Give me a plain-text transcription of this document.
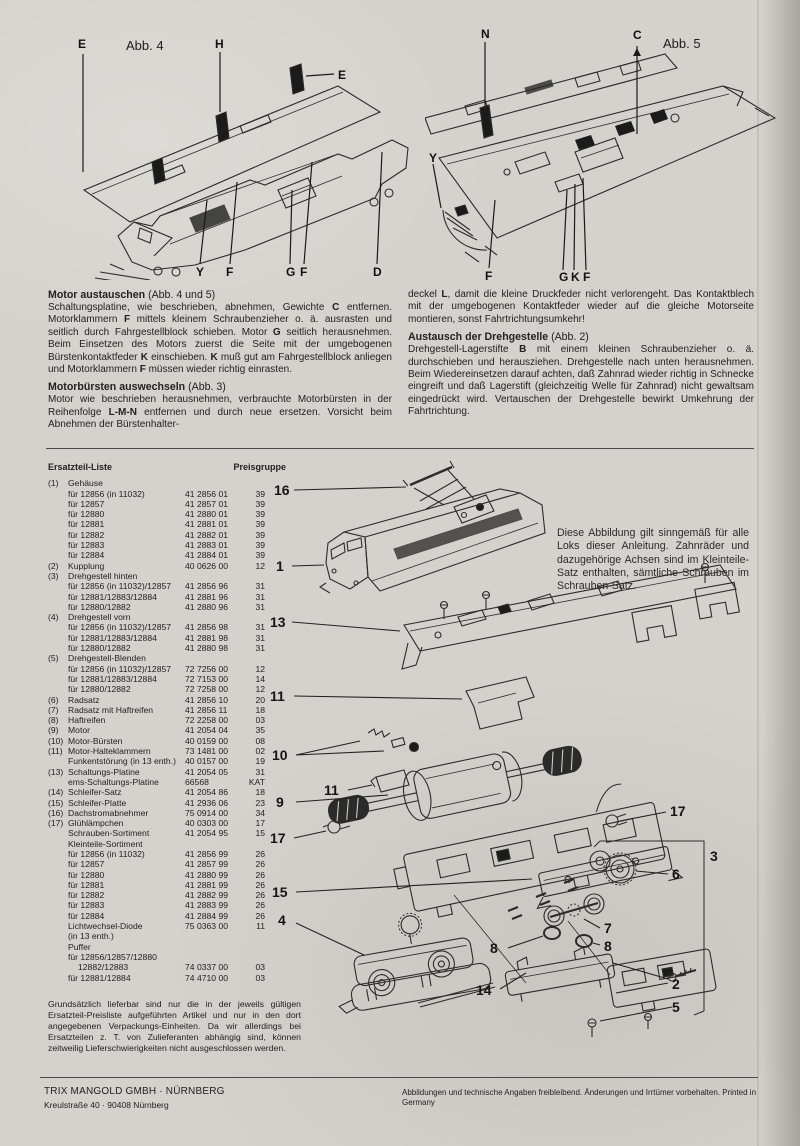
Abb. 4
E	H
E
Y F	G F	D
Abb. 5
N	C
Y
F	G K F
Motor austauschen (Abb. 4 und 5)

Schaltungsplatine, wie beschrieben, abnehmen, Gewichte C entfernen. Motorklammern F mittels kleinem Schraubenzieher o. ä. ausrasten und seitlich durch Fahrgestellblock schieben. Motor G seitlich herausnehmen. Beim Einsetzen des Motors zuerst die Seite mit der umgebogenen Bürstenkontaktfeder K einschieben. K muß gut am Fahrgestellblock anliegen und Motorklammern F müssen wieder richtig einrasten.

Motorbürsten auswechseln (Abb. 3)

Motor wie beschrieben herausnehmen, verbrauchte Motorbürsten in der Reihenfolge L-M-N entfernen und durch neue ersetzen. Vorsicht beim Abnehmen der Bürstenhalter-

deckel L, damit die kleine Druckfeder nicht verlorengeht. Das Kontaktblech mit der umgebogenen Kontaktfeder wieder auf die gleiche Motorseite montieren, sonst Fahrtrichtungsumkehr!

Austausch der Drehgestelle (Abb. 2)

Drehgestell-Lagerstifte B mit einem kleinen Schraubenzieher o. ä. durchschieben und herausziehen. Drehgestelle nach unten herausnehmen. Beim Wiedereinsetzen darauf achten, daß Zahnrad wieder richtig in Schnecke eingreift und daß Lagerstift (gleichzeitig Welle für Zahnrad) nicht gewaltsam eingedrückt wird. Vertauschen der Drehgestelle bewirkt Umkehrung der Fahrtrichtung.

Ersatzteil-Liste	Preisgruppe
(1)	Gehäuse
für 12856 (in 11032)	41 2856 01	39
für 12857	41 2857 01	39
für 12880	41 2880 01	39
für 12881	41 2881 01	39
für 12882	41 2882 01	39
für 12883	41 2883 01	39
für 12884	41 2884 01	39
(2)	Kupplung	40 0626 00	12
(3)	Drehgestell hinten
für 12856 (in 11032)/12857	41 2856 96	31
für 12881/12883/12884	41 2881 96	31
für 12880/12882	41 2880 96	31
(4)	Drehgestell vorn
für 12856 (in 11032)/12857	41 2856 98	31
für 12881/12883/12884	41 2881 98	31
für 12880/12882	41 2880 98	31
(5)	Drehgestell-Blenden
für 12856 (in 11032)/12857	72 7256 00	12
für 12881/12883/12884	72 7153 00	14
für 12880/12882	72 7258 00	12
(6)	Radsatz	41 2856 10	20
(7)	Radsatz mit Haftreifen	41 2856 11	18
(8)	Haftreifen	72 2258 00	03
(9)	Motor	41 2054 04	35
(10) Motor-Bürsten	40 0159 00	08
(11) Motor-Halteklammern	73 1481 00	02
Funkentstörung (in 13 enth.)	40 0157 00	19
(13) Schaltungs-Platine	41 2054 05	31
ems-Schaltungs-Platine	66568	KAT
(14) Schleifer-Satz	41 2054 86	18
(15) Schleifer-Platte	41 2936 06	23
(16) Dachstromabnehmer	75 0914 00	34
(17) Glühlämpchen	40 0303 00	17
Schrauben-Sortiment	41 2054 95	15
Kleinteile-Sortiment
für 12856 (in 11032)	41 2856 99	26
für 12857	41 2857 99	26
für 12880	41 2880 99	26
für 12881	41 2881 99	26
für 12882	41 2882 99	26
für 12883	41 2883 99	26
für 12884	41 2884 99	26
Lichtwechsel-Diode	75 0363 00	11
(in 13 enth.)
Puffer
für 12856/12857/12880
12882/12883	74 0337 00	03
für 12881/12884	74 4710 00	03
16
1
13
11
10
11
9
17
15
4
17
3
6
7
8
8
14	2
5
Diese Abbildung gilt sinngemäß für alle Loks dieser Anleitung. Zahnräder und dazugehörige Achsen sind im Kleinteile-Satz enthalten, sämtliche Schrauben im Schrauben-Satz.
Grundsätzlich lieferbar sind nur die in der jeweils gültigen Ersatzteil-Preisliste aufgeführten Artikel und nur in den dort angegebenen Verpackungs-Einheiten. Da wir allerdings bei Ersatzteilen z. T. von Zulieferanten abhängig sind, können zeitweilig Lieferschwierigkeiten nicht ausgeschlossen werden.
TRIX MANGOLD GMBH · NÜRNBERG
Kreulstraße 40 · 90408 Nürnberg
Abbildungen und technische Angaben freibleibend. Änderungen und Irrtümer vorbehalten. Printed in Germany
